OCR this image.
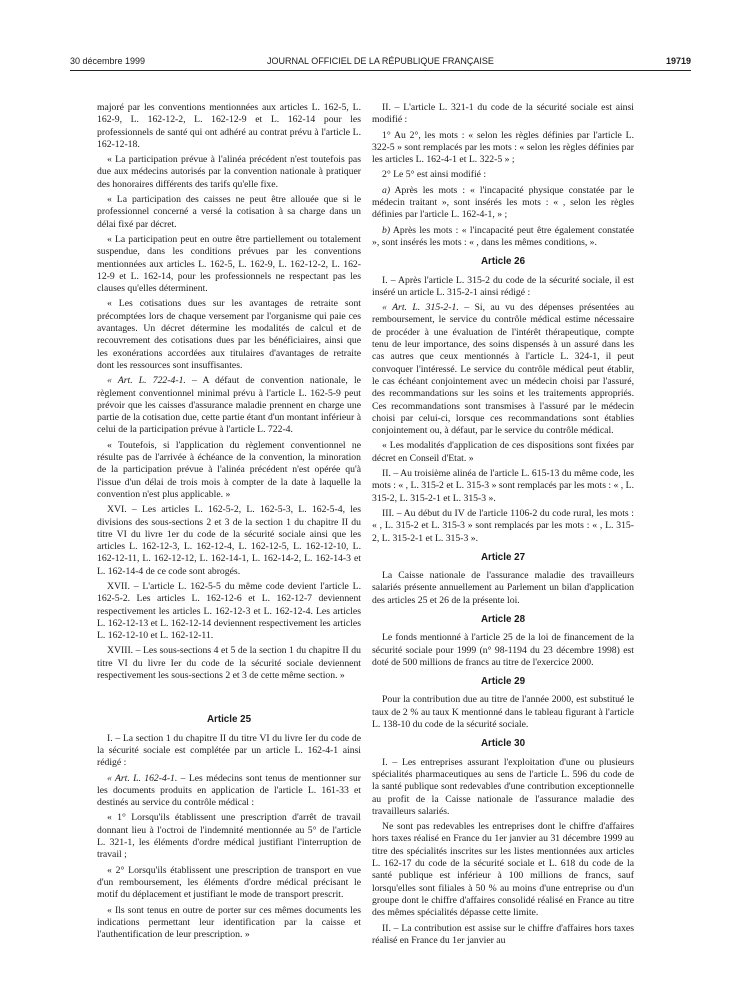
30 décembre 1999	JOURNAL OFFICIEL DE LA RÉPUBLIQUE FRANÇAISE	19719

majoré par les conventions mentionnées aux articles L. 162-5, L. 162-9, L. 162-12-2, L. 162-12-9 et L. 162-14 pour les professionnels de santé qui ont adhéré au contrat prévu à l'article L. 162-12-18.

« La participation prévue à l'alinéa précédent n'est toutefois pas due aux médecins autorisés par la convention nationale à pratiquer des honoraires différents des tarifs qu'elle fixe.

« La participation des caisses ne peut être allouée que si le professionnel concerné a versé la cotisation à sa charge dans un délai fixé par décret.

« La participation peut en outre être partiellement ou totalement suspendue, dans les conditions prévues par les conventions mentionnées aux articles L. 162-5, L. 162-9, L. 162-12-2, L. 162-12-9 et L. 162-14, pour les professionnels ne respectant pas les clauses qu'elles déterminent.

« Les cotisations dues sur les avantages de retraite sont précomptées lors de chaque versement par l'organisme qui paie ces avantages. Un décret détermine les modalités de calcul et de recouvrement des cotisations dues par les bénéficiaires, ainsi que les exonérations accordées aux titulaires d'avantages de retraite dont les ressources sont insuffisantes.

« Art. L. 722-4-1. – A défaut de convention nationale, le règlement conventionnel minimal prévu à l'article L. 162-5-9 peut prévoir que les caisses d'assurance maladie prennent en charge une partie de la cotisation due, cette partie étant d'un montant inférieur à celui de la participation prévue à l'article L. 722-4.

« Toutefois, si l'application du règlement conventionnel ne résulte pas de l'arrivée à échéance de la convention, la minoration de la participation prévue à l'alinéa précédent n'est opérée qu'à l'issue d'un délai de trois mois à compter de la date à laquelle la convention n'est plus applicable. »

XVI. – Les articles L. 162-5-2, L. 162-5-3, L. 162-5-4, les divisions des sous-sections 2 et 3 de la section 1 du chapitre II du titre VI du livre 1er du code de la sécurité sociale ainsi que les articles L. 162-12-3, L. 162-12-4, L. 162-12-5, L. 162-12-10, L. 162-12-11, L. 162-12-12, L. 162-14-1, L. 162-14-2, L. 162-14-3 et L. 162-14-4 de ce code sont abrogés.

XVII. – L'article L. 162-5-5 du même code devient l'article L. 162-5-2. Les articles L. 162-12-6 et L. 162-12-7 deviennent respectivement les articles L. 162-12-3 et L. 162-12-4. Les articles L. 162-12-13 et L. 162-12-14 deviennent respectivement les articles L. 162-12-10 et L. 162-12-11.

XVIII. – Les sous-sections 4 et 5 de la section 1 du chapitre II du titre VI du livre Ier du code de la sécurité sociale deviennent respectivement les sous-sections 2 et 3 de cette même section. »

Article 25

I. – La section 1 du chapitre II du titre VI du livre Ier du code de la sécurité sociale est complétée par un article L. 162-4-1 ainsi rédigé :

« Art. L. 162-4-1. – Les médecins sont tenus de mentionner sur les documents produits en application de l'article L. 161-33 et destinés au service du contrôle médical :

« 1° Lorsqu'ils établissent une prescription d'arrêt de travail donnant lieu à l'octroi de l'indemnité mentionnée au 5° de l'article L. 321-1, les éléments d'ordre médical justifiant l'interruption de travail ;

« 2° Lorsqu'ils établissent une prescription de transport en vue d'un remboursement, les éléments d'ordre médical précisant le motif du déplacement et justifiant le mode de transport prescrit.

« Ils sont tenus en outre de porter sur ces mêmes documents les indications permettant leur identification par la caisse et l'authentification de leur prescription. »

II. – L'article L. 321-1 du code de la sécurité sociale est ainsi modifié :

1° Au 2°, les mots : « selon les règles définies par l'article L. 322-5 » sont remplacés par les mots : « selon les règles définies par les articles L. 162-4-1 et L. 322-5 » ;

2° Le 5° est ainsi modifié :

a) Après les mots : « l'incapacité physique constatée par le médecin traitant », sont insérés les mots : « , selon les règles définies par l'article L. 162-4-1, » ;

b) Après les mots : « l'incapacité peut être également constatée », sont insérés les mots : « , dans les mêmes conditions, ».

Article 26

I. – Après l'article L. 315-2 du code de la sécurité sociale, il est inséré un article L. 315-2-1 ainsi rédigé :

« Art. L. 315-2-1. – Si, au vu des dépenses présentées au remboursement, le service du contrôle médical estime nécessaire de procéder à une évaluation de l'intérêt thérapeutique, compte tenu de leur importance, des soins dispensés à un assuré dans les cas autres que ceux mentionnés à l'article L. 324-1, il peut convoquer l'intéressé. Le service du contrôle médical peut établir, le cas échéant conjointement avec un médecin choisi par l'assuré, des recommandations sur les soins et les traitements appropriés. Ces recommandations sont transmises à l'assuré par le médecin choisi par celui-ci, lorsque ces recommandations sont établies conjointement ou, à défaut, par le service du contrôle médical.

« Les modalités d'application de ces dispositions sont fixées par décret en Conseil d'Etat. »

II. – Au troisième alinéa de l'article L. 615-13 du même code, les mots : « , L. 315-2 et L. 315-3 » sont remplacés par les mots : « , L. 315-2, L. 315-2-1 et L. 315-3 ».

III. – Au début du IV de l'article 1106-2 du code rural, les mots : « , L. 315-2 et L. 315-3 » sont remplacés par les mots : « , L. 315-2, L. 315-2-1 et L. 315-3 ».

Article 27

La Caisse nationale de l'assurance maladie des travailleurs salariés présente annuellement au Parlement un bilan d'application des articles 25 et 26 de la présente loi.

Article 28

Le fonds mentionné à l'article 25 de la loi de financement de la sécurité sociale pour 1999 (n° 98-1194 du 23 décembre 1998) est doté de 500 millions de francs au titre de l'exercice 2000.

Article 29

Pour la contribution due au titre de l'année 2000, est substitué le taux de 2 % au taux K mentionné dans le tableau figurant à l'article L. 138-10 du code de la sécurité sociale.

Article 30

I. – Les entreprises assurant l'exploitation d'une ou plusieurs spécialités pharmaceutiques au sens de l'article L. 596 du code de la santé publique sont redevables d'une contribution exceptionnelle au profit de la Caisse nationale de l'assurance maladie des travailleurs salariés.

Ne sont pas redevables les entreprises dont le chiffre d'affaires hors taxes réalisé en France du 1er janvier au 31 décembre 1999 au titre des spécialités inscrites sur les listes mentionnées aux articles L. 162-17 du code de la sécurité sociale et L. 618 du code de la santé publique est inférieur à 100 millions de francs, sauf lorsqu'elles sont filiales à 50 % au moins d'une entreprise ou d'un groupe dont le chiffre d'affaires consolidé réalisé en France au titre des mêmes spécialités dépasse cette limite.

II. – La contribution est assise sur le chiffre d'affaires hors taxes réalisé en France du 1er janvier au
